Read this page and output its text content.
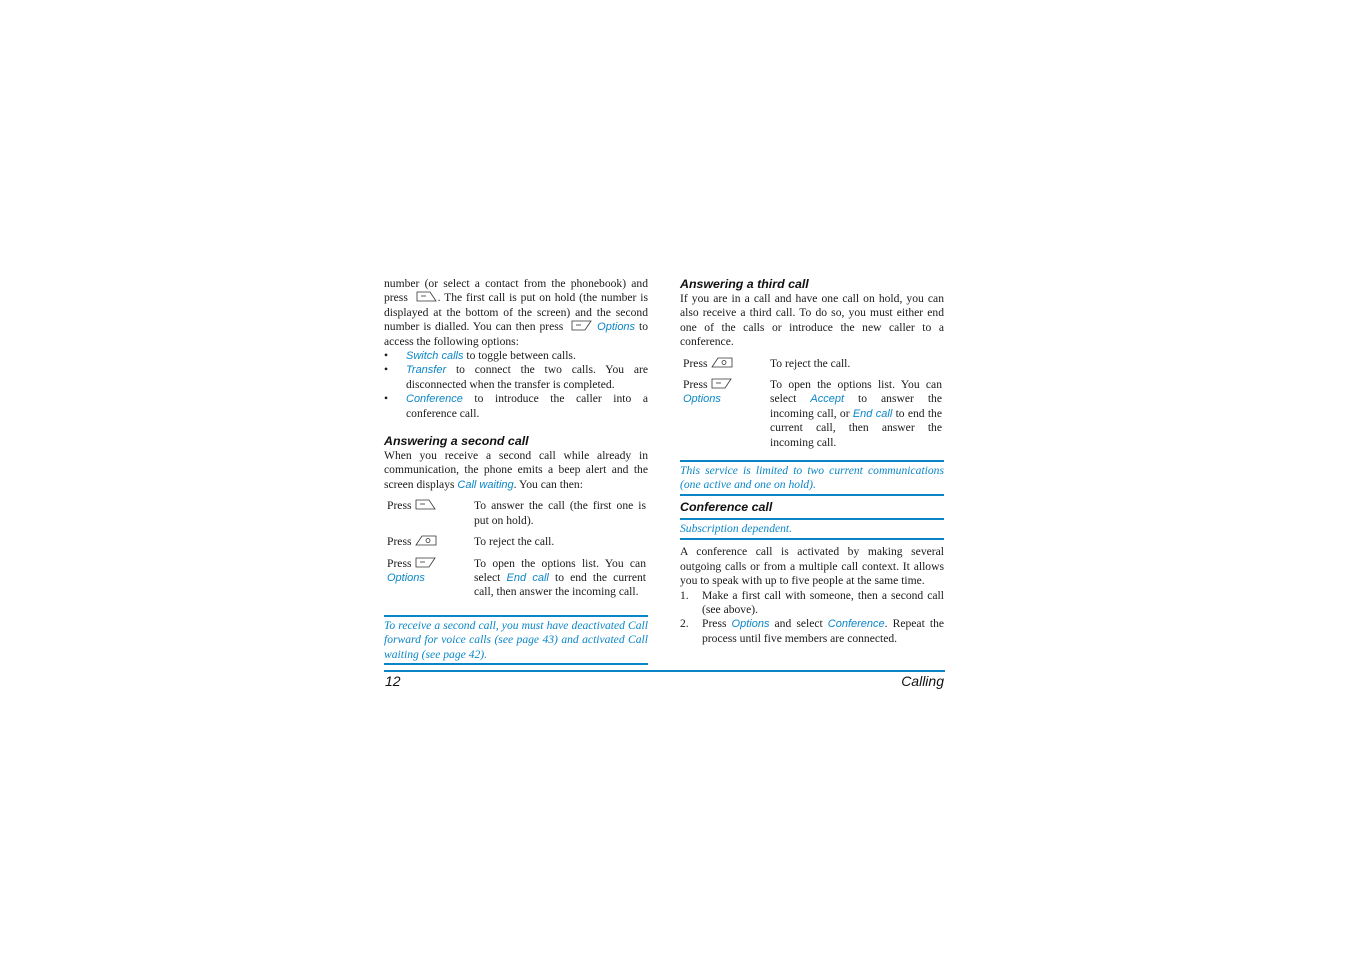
number (or select a contact from the phonebook) and press	. The first call is put on hold (the number is displayed at the bottom of the screen) and the second number is dialled. You can then press	Options to access the following options:

• Switch calls to toggle between calls.
• Transfer to connect the two calls. You are disconnected when the transfer is completed.
• Conference to introduce the caller into a conference call.
Answering a second call

When you receive a second call while already in communication, the phone emits a beep alert and the screen displays Call waiting. You can then:

Press	To answer the call (the first one is put on hold).
Press	To reject the call.
Press

Options	To open the options list. You can select End call to end the current call, then answer the incoming call.
To receive a second call, you must have deactivated Call forward for voice calls (see page 43) and activated Call waiting (see page 42).
Answering a third call

If you are in a call and have one call on hold, you can also receive a third call. To do so, you must either end one of the calls or introduce the new caller to a conference.

Press	To reject the call.
Press

Options	To open the options list. You can select Accept to answer the incoming call, or End call to end the current call, then answer the incoming call.
This service is limited to two current communications (one active and one on hold).
Conference call
Subscription dependent.

A conference call is activated by making several outgoing calls or from a multiple call context. It allows you to speak with up to five people at the same time.

1. Make a first call with someone, then a second call (see above).
2. Press Options and select Conference. Repeat the process until five members are connected.
12	Calling
